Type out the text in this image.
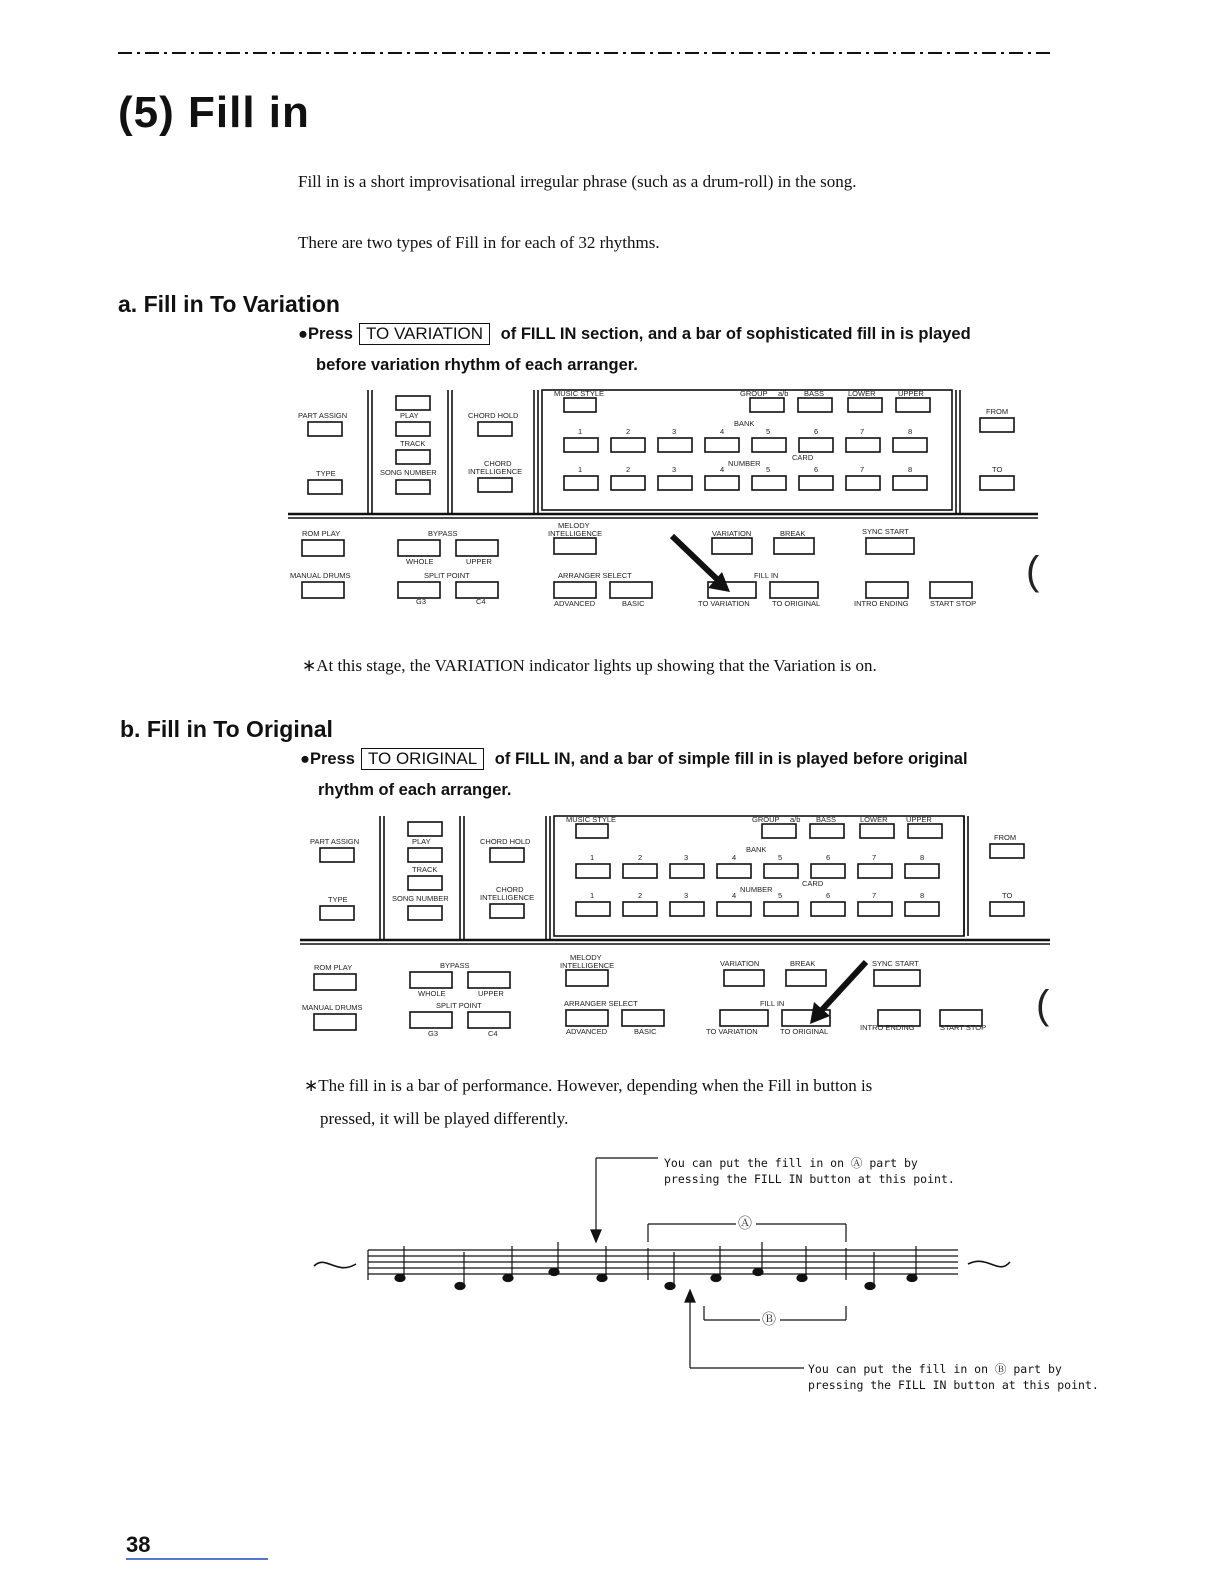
(5) Fill in
Fill in is a short improvisational irregular phrase (such as a drum-roll) in the song.
There are two types of Fill in for each of 32 rhythms.
a. Fill in To Variation
●Press TO VARIATION of FILL IN section, and a bar of sophisticated fill in is played
before variation rhythm of each arranger.
PART ASSIGN
TYPE
PLAY
TRACK
SONG NUMBER
CHORD HOLD
CHORD
INTELLIGENCE
MUSIC STYLE	GROUP a/b BASS	LOWER	UPPER
BANK
CARD
NUMBER
FROM
TO
1	2	3	4	5	6	7	8
1	2	3	4	5	6	7	8
ROM PLAY
MANUAL DRUMS
BYPASS
WHOLE	UPPER
SPLIT POINT
G3	C4
MELODY
INTELLIGENCE
ARRANGER SELECT
ADVANCED	BASIC
VARIATION	BREAK
FILL IN
TO VARIATION	TO ORIGINAL
SYNC START
INTRO ENDING	START STOP
(
∗At this stage, the VARIATION indicator lights up showing that the Variation is on.
b. Fill in To Original
●Press TO ORIGINAL of FILL IN, and a bar of simple fill in is played before original
rhythm of each arranger.
PART ASSIGN
TYPE
PLAY
TRACK
SONG NUMBER
CHORD HOLD
CHORD
INTELLIGENCE
MUSIC STYLE	GROUP a/b BASS	LOWER UPPER
BANK
CARD
NUMBER
FROM
TO
1	2	3	4	5	6	7	8
1	2	3	4	5	6	7	8
ROM PLAY
MANUAL DRUMS
BYPASS
WHOLE	UPPER
SPLIT POINT
G3	C4
MELODY
INTELLIGENCE
ARRANGER SELECT
ADVANCED	BASIC
VARIATION	BREAK
FILL IN
TO VARIATION	TO ORIGINAL
SYNC START
INTRO ENDING	START STOP
(
∗The fill in is a bar of performance. However, depending when the Fill in button is
pressed, it will be played differently.
Ⓐ
Ⓑ
You can put the fill in on Ⓐ part by
pressing the FILL IN button at this point.
You can put the fill in on Ⓑ part by
pressing the FILL IN button at this point.
38
